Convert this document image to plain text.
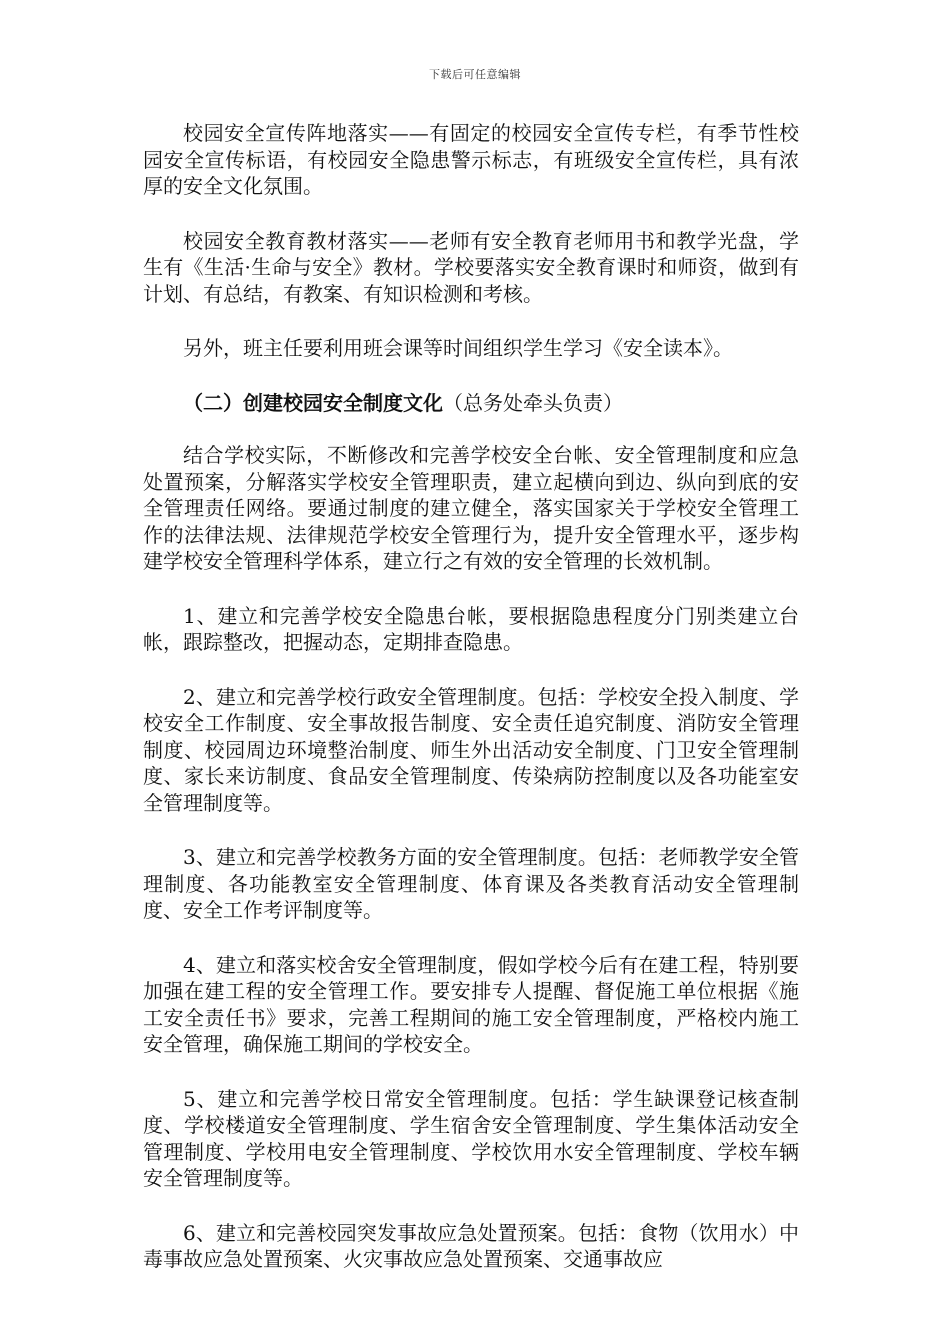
下载后可任意编辑

校园安全宣传阵地落实——有固定的校园安全宣传专栏，有季节性校园安全宣传标语，有校园安全隐患警示标志，有班级安全宣传栏，具有浓厚的安全文化氛围。

校园安全教育教材落实——老师有安全教育老师用书和教学光盘，学生有《生活·生命与安全》教材。学校要落实安全教育课时和师资，做到有计划、有总结，有教案、有知识检测和考核。

另外，班主任要利用班会课等时间组织学生学习《安全读本》。

（二）创建校园安全制度文化（总务处牵头负责）

结合学校实际，不断修改和完善学校安全台帐、安全管理制度和应急处置预案，分解落实学校安全管理职责，建立起横向到边、纵向到底的安全管理责任网络。要通过制度的建立健全，落实国家关于学校安全管理工作的法律法规、法律规范学校安全管理行为，提升安全管理水平，逐步构建学校安全管理科学体系，建立行之有效的安全管理的长效机制。

1、建立和完善学校安全隐患台帐，要根据隐患程度分门别类建立台帐，跟踪整改，把握动态，定期排查隐患。

2、建立和完善学校行政安全管理制度。包括：学校安全投入制度、学校安全工作制度、安全事故报告制度、安全责任追究制度、消防安全管理制度、校园周边环境整治制度、师生外出活动安全制度、门卫安全管理制度、家长来访制度、食品安全管理制度、传染病防控制度以及各功能室安全管理制度等。

3、建立和完善学校教务方面的安全管理制度。包括：老师教学安全管理制度、各功能教室安全管理制度、体育课及各类教育活动安全管理制度、安全工作考评制度等。

4、建立和落实校舍安全管理制度，假如学校今后有在建工程，特别要加强在建工程的安全管理工作。要安排专人提醒、督促施工单位根据《施工安全责任书》要求，完善工程期间的施工安全管理制度，严格校内施工安全管理，确保施工期间的学校安全。

5、建立和完善学校日常安全管理制度。包括：学生缺课登记核查制度、学校楼道安全管理制度、学生宿舍安全管理制度、学生集体活动安全管理制度、学校用电安全管理制度、学校饮用水安全管理制度、学校车辆安全管理制度等。

6、建立和完善校园突发事故应急处置预案。包括：食物（饮用水）中毒事故应急处置预案、火灾事故应急处置预案、交通事故应
